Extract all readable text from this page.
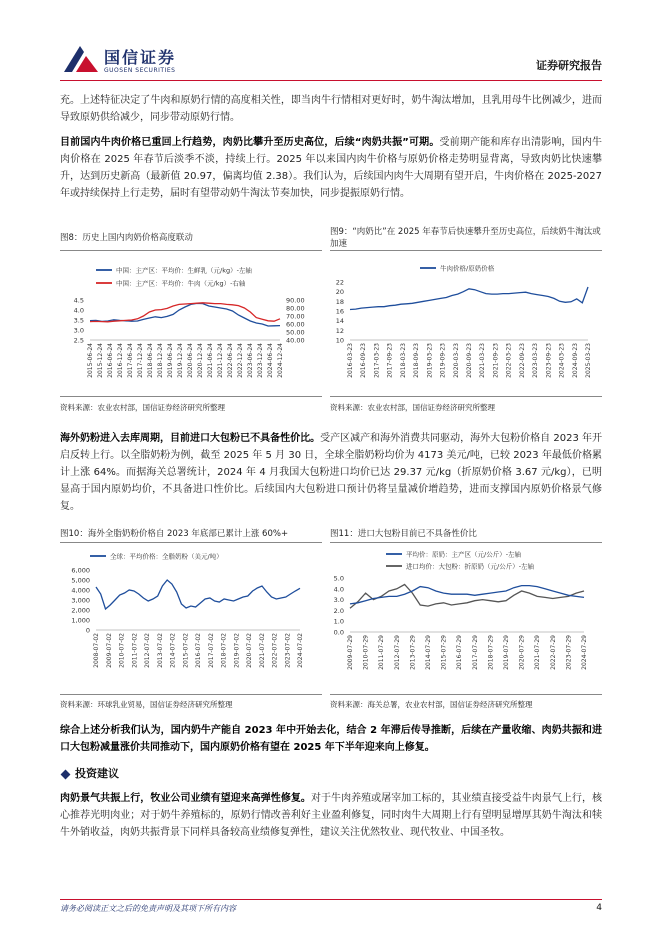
国信证券
GUOSEN SECURITIES	证券研究报告
充。上述特征决定了牛肉和原奶行情的高度相关性，即当肉牛行情相对更好时，奶牛淘汰增加，且乳用母牛比例减少，进而导致原奶供给减少，同步带动原奶行情。
目前国内牛肉价格已重回上行趋势，肉奶比攀升至历史高位，后续“肉奶共振”可期。受前期产能和库存出清影响，国内牛肉价格在 2025 年春节后淡季不淡，持续上行。2025 年以来国内肉牛价格与原奶价格走势明显背离，导致肉奶比快速攀升，达到历史新高（最新值 20.97，偏离均值 2.38）。我们认为，后续国内肉牛大周期有望开启，牛肉价格在 2025-2027 年或持续保持上行走势，届时有望带动奶牛淘汰节奏加快，同步提振原奶行情。
图8：历史上国内肉奶价格高度联动
中国：主产区：平均价：生鲜乳（元/kg）-左轴
中国：主产区：平均价：牛肉（元/kg）-右轴
4.5
4.0
3.5
3.0
2.5
90.00
80.00
70.00
60.00
50.00
40.00
2015-06-24 2015-12-24 2016-06-24 2016-12-24 2017-06-24 2017-12-24 2018-06-24 2018-12-24 2019-06-24 2019-12-24 2020-06-24 2020-12-24 2021-06-24 2021-12-24 2022-06-24 2022-12-24 2023-06-24 2023-12-24 2024-06-24 2024-12-24
资料来源：农业农村部，国信证券经济研究所整理
图9：“肉奶比”在 2025 年春节后快速攀升至历史高位，后续奶牛淘汰或加速
牛肉价格/原奶价格
22
20
18
16
14
12
10
2016-03-23 2016-09-23 2017-03-23 2017-09-23 2018-03-23 2018-09-23 2019-03-23 2019-09-23 2020-03-23 2020-09-23 2021-03-23 2021-09-23 2022-03-23 2022-09-23 2023-03-23 2023-09-23 2024-03-23 2024-09-23 2025-03-23
资料来源：农业农村部，国信证券经济研究所整理
海外奶粉进入去库周期，目前进口大包粉已不具备性价比。受产区减产和海外消费共同驱动，海外大包粉价格自 2023 年开启反转上行。以全脂奶粉为例，截至 2025 年 5 月 30 日，全球全脂奶粉均价为 4173 美元/吨，已较 2023 年最低价格累计上涨 64%。而据海关总署统计，2024 年 4 月我国大包粉进口均价已达 29.37 元/kg（折原奶价格 3.67 元/kg），已明显高于国内原奶均价，不具备进口性价比。后续国内大包粉进口预计仍将呈量减价增趋势，进而支撑国内原奶价格景气修复。
图10：海外全脂奶粉价格自 2023 年底部已累计上涨 60%+
全球：平均价格：全脂奶粉（美元/吨）
6,000
5,000
4,000
3,000
2,000
1,000
0
2008-07-02 2009-07-02 2010-07-02 2011-07-02 2012-07-02 2013-07-02 2014-07-02 2015-07-02 2016-07-02 2017-07-02 2018-07-02 2019-07-02 2020-07-02 2021-07-02 2022-07-02 2023-07-02 2024-07-02
资料来源：环球乳业贸易，国信证券经济研究所整理
图11：进口大包粉目前已不具备性价比
平均价：原奶：主产区（元/公斤）-左轴
进口均价：大包粉：折原奶（元/公斤）-左轴
5.0
4.0
3.0
2.0
1.0
0.0
2009-07-29 2010-07-29 2011-07-29 2012-07-29 2013-07-29 2014-07-29 2015-07-29 2016-07-29 2017-07-29 2018-07-29 2019-07-29 2020-07-29 2021-07-29 2022-07-29 2023-07-29 2024-07-29
资料来源：海关总署，农业农村部，国信证券经济研究所整理
综合上述分析我们认为，国内奶牛产能自 2023 年中开始去化，结合 2 年滞后传导推断，后续在产量收缩、肉奶共振和进口大包粉减量涨价共同推动下，国内原奶价格有望在 2025 年下半年迎来向上修复。
投资建议
肉奶景气共振上行，牧业公司业绩有望迎来高弹性修复。对于牛肉养殖或屠宰加工标的，其业绩直接受益牛肉景气上行，核心推荐光明肉业；对于奶牛养殖标的，原奶行情改善利好主业盈利修复，同时肉牛大周期上行有望明显增厚其奶牛淘汰和犊牛外销收益，肉奶共振背景下同样具备较高业绩修复弹性，建议关注优然牧业、现代牧业、中国圣牧。
请务必阅读正文之后的免责声明及其项下所有内容	4
